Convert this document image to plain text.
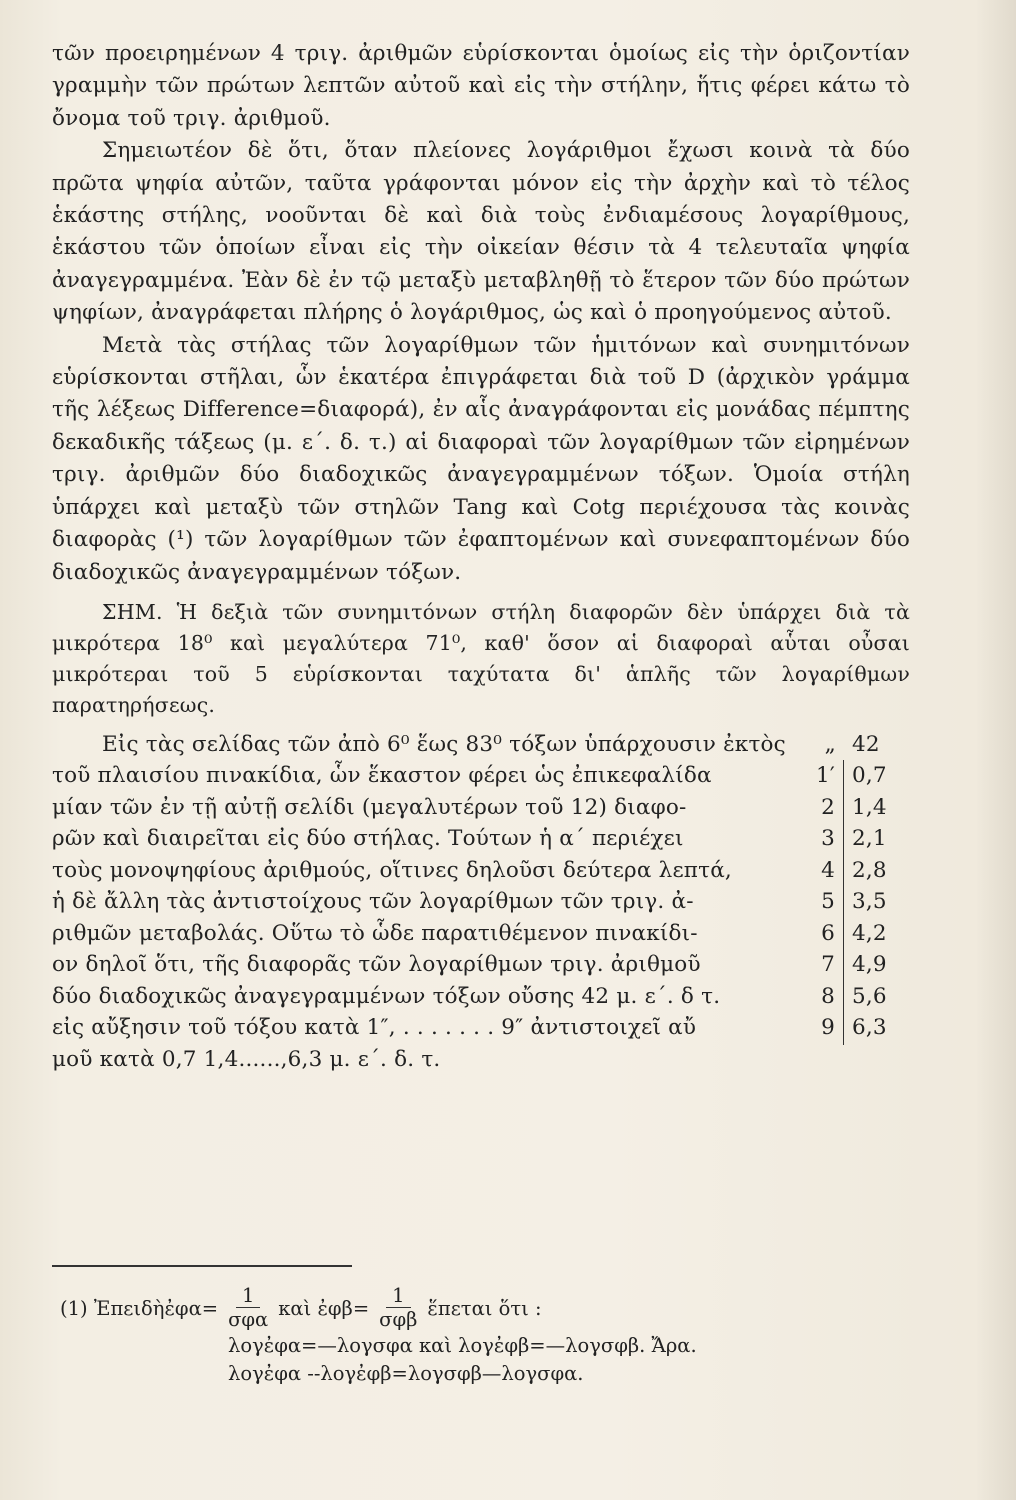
τῶν προειρημένων 4 τριγ. ἀριθμῶν εὑρίσκονται ὁμοίως εἰς τὴν ὁριζοντίαν γραμμὴν τῶν πρώτων λεπτῶν αὐτοῦ καὶ εἰς τὴν στήλην, ἥτις φέρει κάτω τὸ ὄνομα τοῦ τριγ. ἀριθμοῦ.

Σημειωτέον δὲ ὅτι, ὅταν πλείονες λογάριθμοι ἔχωσι κοινὰ τὰ δύο πρῶτα ψηφία αὐτῶν, ταῦτα γράφονται μόνον εἰς τὴν ἀρχὴν καὶ τὸ τέλος ἑκάστης στήλης, νοοῦνται δὲ καὶ διὰ τοὺς ἐνδιαμέσους λογαρίθμους, ἑκάστου τῶν ὁποίων εἶναι εἰς τὴν οἰκείαν θέσιν τὰ 4 τελευταῖα ψηφία ἀναγεγραμμένα. Ἐὰν δὲ ἐν τῷ μεταξὺ μεταβληθῇ τὸ ἕτερον τῶν δύο πρώτων ψηφίων, ἀναγράφεται πλήρης ὁ λογάριθμος, ὡς καὶ ὁ προηγούμενος αὐτοῦ.

Μετὰ τὰς στήλας τῶν λογαρίθμων τῶν ἡμιτόνων καὶ συνημιτόνων εὑρίσκονται στῆλαι, ὧν ἑκατέρα ἐπιγράφεται διὰ τοῦ D (ἀρχικὸν γράμμα τῆς λέξεως Difference=διαφορά), ἐν αἷς ἀναγράφονται εἰς μονάδας πέμπτης δεκαδικῆς τάξεως (μ. ε΄. δ. τ.) αἱ διαφοραὶ τῶν λογαρίθμων τῶν εἰρημένων τριγ. ἀριθμῶν δύο διαδοχικῶς ἀναγεγραμμένων τόξων. Ὁμοία στήλη ὑπάρχει καὶ μεταξὺ τῶν στηλῶν Tang καὶ Cotg περιέχουσα τὰς κοινὰς διαφορὰς (¹) τῶν λογαρίθμων τῶν ἐφαπτομένων καὶ συνεφαπτομένων δύο διαδοχικῶς ἀναγεγραμμένων τόξων.

ΣΗΜ. Ἡ δεξιὰ τῶν συνημιτόνων στήλη διαφορῶν δὲν ὑπάρχει διὰ τὰ μικρότερα 18⁰ καὶ μεγαλύτερα 71⁰, καθ' ὅσον αἱ διαφοραὶ αὗται οὖσαι μικρότεραι τοῦ 5 εὑρίσκονται ταχύτατα δι' ἁπλῆς τῶν λογαρίθμων παρατηρήσεως.

Εἰς τὰς σελίδας τῶν ἀπὸ 6⁰ ἕως 83⁰ τόξων ὑπάρχουσιν ἐκτὸς	„ 42
τοῦ πλαισίου πινακίδια, ὧν ἕκαστον φέρει ὡς ἐπικεφαλίδα	1′ 0,7
μίαν τῶν ἐν τῇ αὐτῇ σελίδι (μεγαλυτέρων τοῦ 12) διαφο-	2 1,4
ρῶν καὶ διαιρεῖται εἰς δύο στήλας. Τούτων ἡ α΄ περιέχει	3 2,1
τοὺς μονοψηφίους ἀριθμούς, οἵτινες δηλοῦσι δεύτερα λεπτά,	4 2,8
ἡ δὲ ἄλλη τὰς ἀντιστοίχους τῶν λογαρίθμων τῶν τριγ. ἀ-	5 3,5
ριθμῶν μεταβολάς. Οὕτω τὸ ὧδε παρατιθέμενον πινακίδι-	6 4,2
ον δηλοῖ ὅτι, τῆς διαφορᾶς τῶν λογαρίθμων τριγ. ἀριθμοῦ	7 4,9
δύο διαδοχικῶς ἀναγεγραμμένων τόξων οὔσης 42 μ. ε΄. δ τ.	8 5,6
εἰς αὔξησιν τοῦ τόξου κατὰ 1″, . . . . . . . 9″ ἀντιστοιχεῖ αὔ	9 6,3
μοῦ κατὰ 0,7 1,4......,6,3 μ. ε΄. δ. τ.
(1)
Ἐπειδὴ ἐφα= $\frac{1}{\text{σφα}}$ καὶ
ἐφβ= $\frac{1}{\text{σφβ}}$ ἕπεται ὅτι :
λογἐφα=—λογσφα καὶ λογἐφβ=—λογσφβ. Ἄρα.
λογἐφα --λογἐφβ=λογσφβ—λογσφα.
